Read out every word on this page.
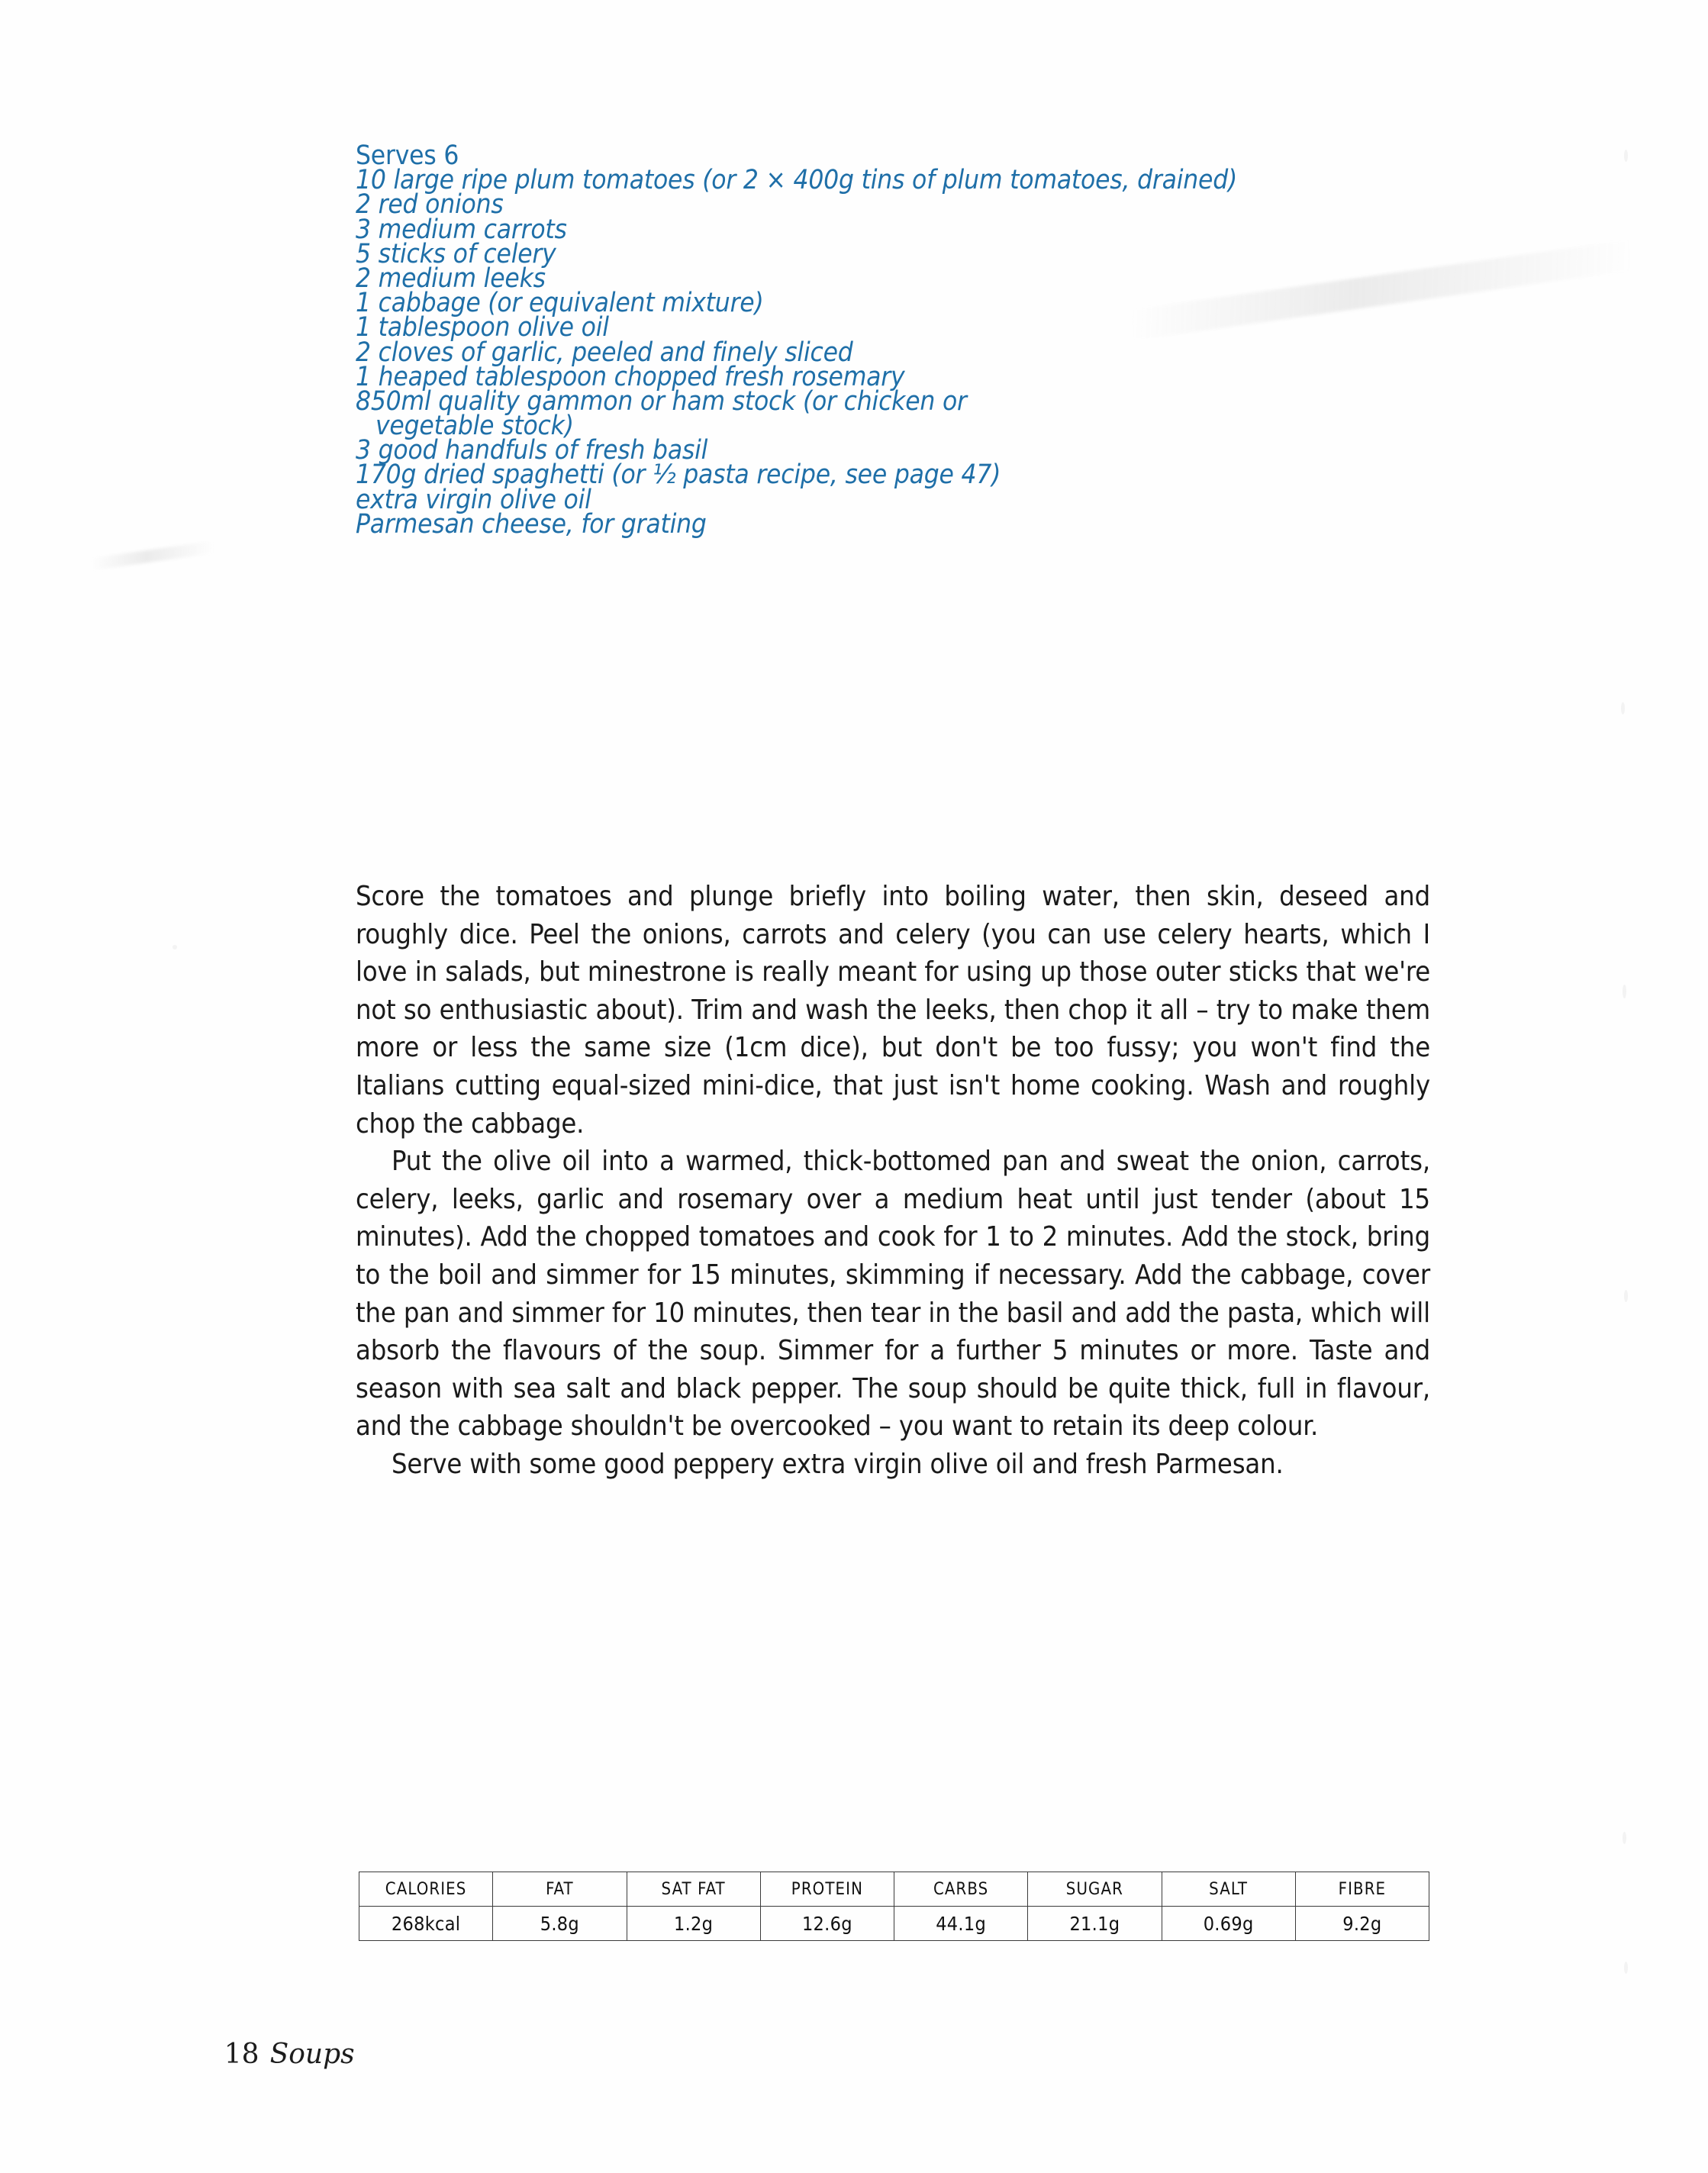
Serves 6
10 large ripe plum tomatoes (or 2 × 400g tins of plum tomatoes, drained)
2 red onions
3 medium carrots
5 sticks of celery
2 medium leeks
1 cabbage (or equivalent mixture)
1 tablespoon olive oil
2 cloves of garlic, peeled and finely sliced
1 heaped tablespoon chopped fresh rosemary
850ml quality gammon or ham stock (or chicken or
vegetable stock)
3 good handfuls of fresh basil
170g dried spaghetti (or ½ pasta recipe, see page 47)
extra virgin olive oil
Parmesan cheese, for grating

Score the tomatoes and plunge briefly into boiling water, then skin, deseed and roughly dice. Peel the onions, carrots and celery (you can use celery hearts, which I love in salads, but minestrone is really meant for using up those outer sticks that we're not so enthusiastic about). Trim and wash the leeks, then chop it all – try to make them more or less the same size (1cm dice), but don't be too fussy; you won't find the Italians cutting equal-sized mini-dice, that just isn't home cooking. Wash and roughly chop the cabbage.

Put the olive oil into a warmed, thick-bottomed pan and sweat the onion, carrots, celery, leeks, garlic and rosemary over a medium heat until just tender (about 15 minutes). Add the chopped tomatoes and cook for 1 to 2 minutes. Add the stock, bring to the boil and simmer for 15 minutes, skimming if necessary. Add the cabbage, cover the pan and simmer for 10 minutes, then tear in the basil and add the pasta, which will absorb the flavours of the soup. Simmer for a further 5 minutes or more. Taste and season with sea salt and black pepper. The soup should be quite thick, full in flavour, and the cabbage shouldn't be overcooked – you want to retain its deep colour.

Serve with some good peppery extra virgin olive oil and fresh Parmesan.

CALORIES	FAT	SAT FAT	PROTEIN	CARBS	SUGAR	SALT	FIBRE
268kcal	5.8g	1.2g	12.6g	44.1g	21.1g	0.69g	9.2g

18 Soups
